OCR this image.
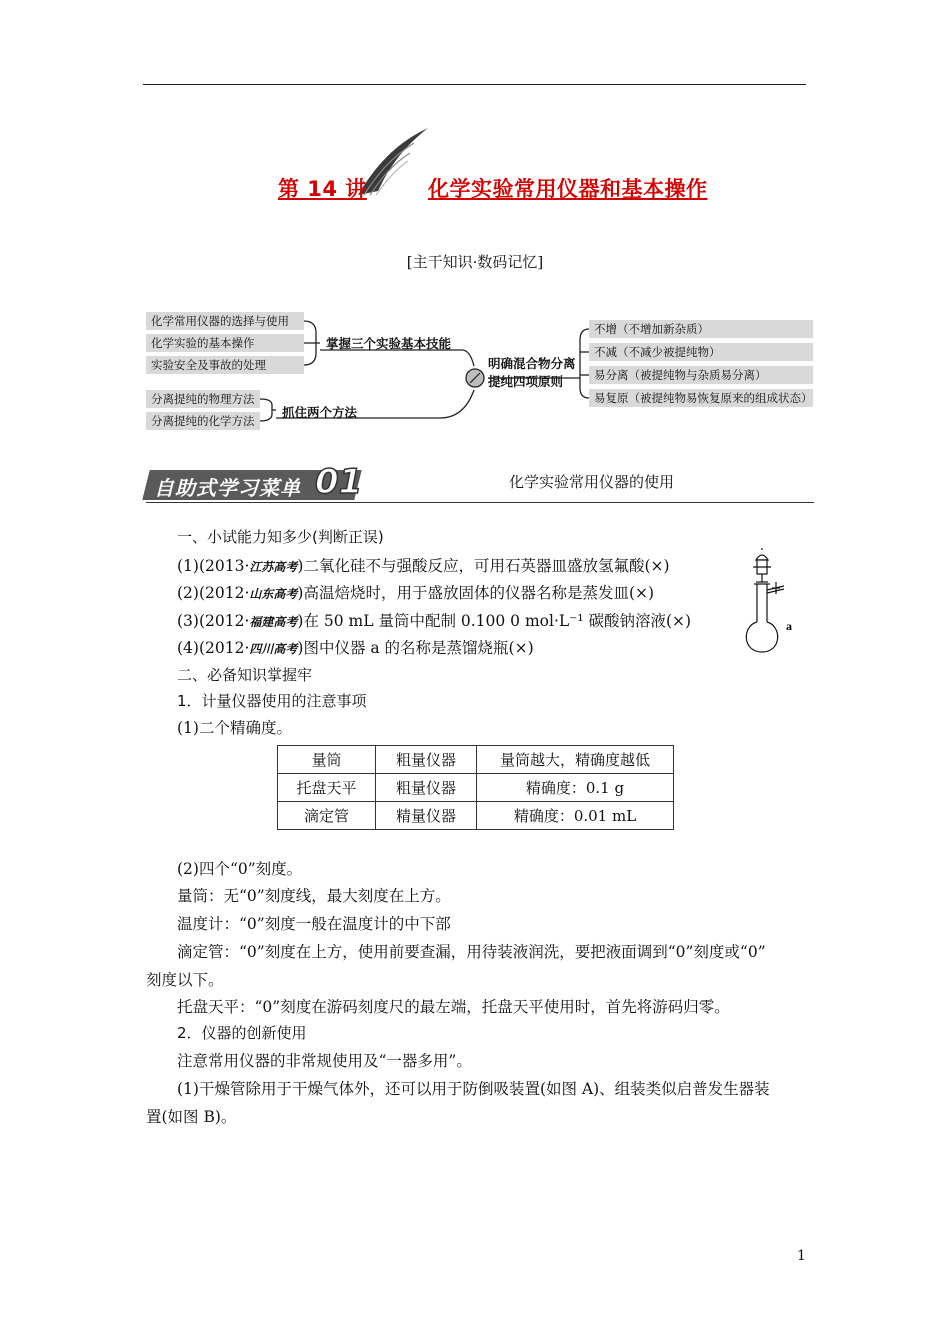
第 14 讲	化学实验常用仪器和基本操作
[主干知识·数码记忆]
化学常用仪器的选择与使用
化学实验的基本操作
实验安全及事故的处理
分离提纯的物理方法
分离提纯的化学方法
不增（不增加新杂质）
不减（不减少被提纯物）
易分离（被提纯物与杂质易分离）
易复原（被提纯物易恢复原来的组成状态）
掌握三个实验基本技能
抓住两个方法
明确混合物分离
提纯四项原则
自助式学习菜单 01	化学实验常用仪器的使用
一、小试能力知多少(判断正误)
(1)(2013·江苏高考)二氧化硅不与强酸反应，可用石英器皿盛放氢氟酸(×)
(2)(2012·山东高考)高温焙烧时，用于盛放固体的仪器名称是蒸发皿(×)
(3)(2012·福建高考)在 50 mL 量筒中配制 0.100 0 mol·L⁻¹ 碳酸钠溶液(×)
(4)(2012·四川高考)图中仪器 a 的名称是蒸馏烧瓶(×)
a
二、必备知识掌握牢
1．计量仪器使用的注意事项
(1)二个精确度。
量筒	粗量仪器	量筒越大，精确度越低
托盘天平	粗量仪器	精确度：0.1 g
滴定管	精量仪器	精确度：0.01 mL
(2)四个“0”刻度。
量筒：无“0”刻度线，最大刻度在上方。
温度计：“0”刻度一般在温度计的中下部
滴定管：“0”刻度在上方，使用前要查漏，用待装液润洗，要把液面调到“0”刻度或“0”
刻度以下。
托盘天平：“0”刻度在游码刻度尺的最左端，托盘天平使用时，首先将游码归零。
2．仪器的创新使用
注意常用仪器的非常规使用及“一器多用”。
(1)干燥管除用于干燥气体外，还可以用于防倒吸装置(如图 A)、组装类似启普发生器装
置(如图 B)。
1
